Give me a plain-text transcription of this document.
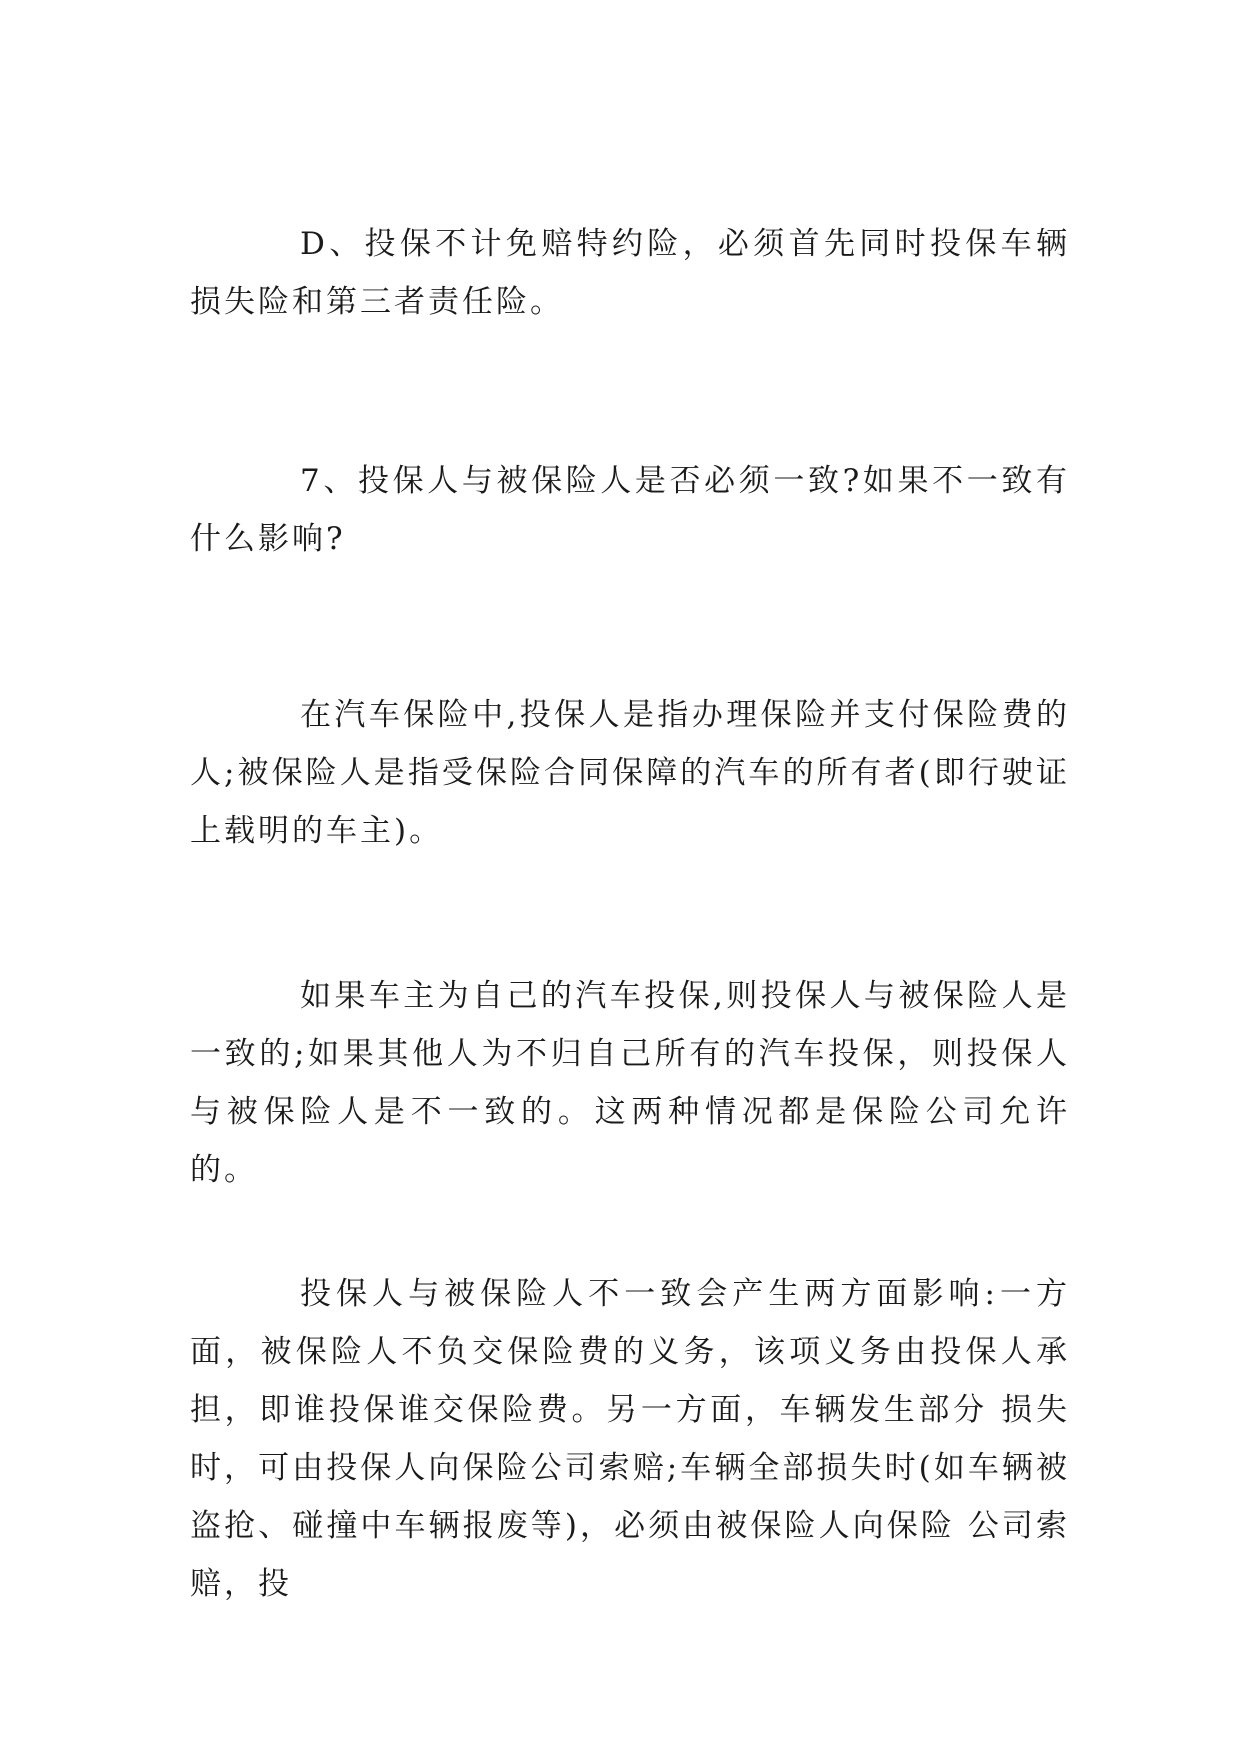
D、投保不计免赔特约险，必须首先同时投保车辆损失险和第三者责任险。

7、投保人与被保险人是否必须一致?如果不一致有什么影响?

在汽车保险中,投保人是指办理保险并支付保险费的人;被保险人是指受保险合同保障的汽车的所有者(即行驶证上载明的车主)。

如果车主为自己的汽车投保,则投保人与被保险人是一致的;如果其他人为不归自己所有的汽车投保，则投保人与被保险人是不一致的。这两种情况都是保险公司允许的。

投保人与被保险人不一致会产生两方面影响:一方面，被保险人不负交保险费的义务，该项义务由投保人承担，即谁投保谁交保险费。另一方面，车辆发生部分 损失时，可由投保人向保险公司索赔;车辆全部损失时(如车辆被盗抢、碰撞中车辆报废等)，必须由被保险人向保险 公司索赔，投
